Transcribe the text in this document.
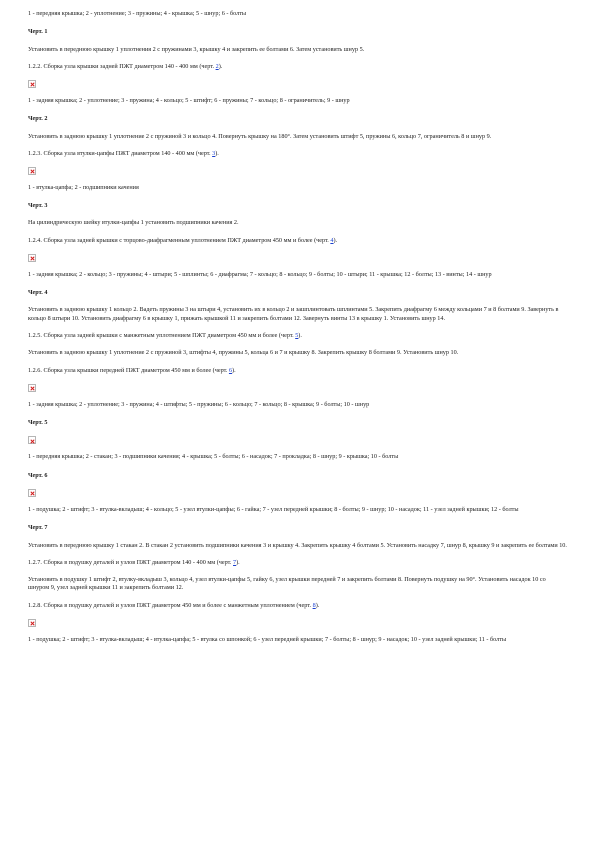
1 - передняя крышка; 2 - уплотнение; 3 - пружины; 4 - крышка; 5 - шнур; 6 - болты
Черт. 1
Установить в переднюю крышку 1 уплотнения 2 с пружинами 3, крышку 4 и закрепить ее болтами 6. Затем установить шнур 5.
1.2.2. Сборка узла крышки задней ПЖТ диаметром 140 - 400 мм (черт. 2).
1 - задняя крышка; 2 - уплотнение; 3 - пружина; 4 - кольцо; 5 - штифт; 6 - пружины; 7 - кольцо; 8 - ограничитель; 9 - шнур
Черт. 2
Установить в заднюю крышку 1 уплотнение 2 с пружиной 3 и кольцо 4. Повернуть крышку на 180°. Затем установить штифт 5, пружины 6, кольцо 7, ограничитель 8 и шнур 9.
1.2.3. Сборка узла втулки-цапфы ПЖТ диаметром 140 - 400 мм (черт. 3).
1 - втулка-цапфа; 2 - подшипники качения
Черт. 3
На цилиндрическую шейку втулки-цапфы 1 установить подшипники качения 2.
1.2.4. Сборка узла задней крышки с торцово-диафрагменным уплотнением ПЖТ диаметром 450 мм и более (черт. 4).
1 - задняя крышка; 2 - кольцо; 3 - пружины; 4 - штыри; 5 - шплинты; 6 - диафрагма; 7 - кольцо; 8 - кольцо; 9 - болты; 10 - штыри; 11 - крышка; 12 - болты; 13 - винты; 14 - шнур
Черт. 4
Установить в заднюю крышку 1 кольцо 2. Вадеть пружины 3 на штыри 4, установить их в кольцо 2 и зашплинтовать шплинтами 5. Закрепить диафрагму 6 между кольцами 7 и 8 болтами 9. Завернуть в кольцо 8 штыри 10. Установить диафрагму 6 в крышку 1, прижать крышкой 11 и закрепить болтами 12. Завернуть винты 13 в крышку 1. Установить шнур 14.
1.2.5. Сборка узла задней крышки с манжетным уплотнением ПЖТ диаметром 450 мм и более (черт. 5).
Установить в заднюю крышку 1 уплотнение 2 с пружиной 3, штифты 4, пружины 5, кольца 6 и 7 и крышку 8. Закрепить крышку 8 болтами 9. Установить шнур 10.
1.2.6. Сборка узла крышки передней ПЖТ диаметром 450 мм и более (черт. 6).
1 - задняя крышка; 2 - уплотнение; 3 - пружина; 4 - штифты; 5 - пружины; 6 - кольцо; 7 - кольцо; 8 - крышка; 9 - болты; 10 - шнур
Черт. 5
1 - передняя крышка; 2 - стакан; 3 - подшипники качения; 4 - крышка; 5 - болты; 6 - насадок; 7 - прокладка; 8 - шнур; 9 - крышка; 10 - болты
Черт. 6
1 - подушка; 2 - штифт; 3 - втулка-вкладыш; 4 - кольцо; 5 - узел втулки-цапфы; 6 - гайка; 7 - узел передней крышки; 8 - болты; 9 - шнур; 10 - насадок; 11 - узел задней крышки; 12 - болты
Черт. 7
Установить в переднюю крышку 1 стакан 2. В стакан 2 установить подшипники качения 3 и крышку 4. Закрепить крышку 4 болтами 5. Установить насадку 7, шнур 8, крышку 9 и закрепить ее болтами 10.
1.2.7. Сборка в подушку деталей и узлов ПЖТ диаметром 140 - 400 мм (черт. 7).
Установить в подушку 1 штифт 2, втулку-вкладыш 3, кольцо 4, узел втулки-цапфы 5, гайку 6, узел крышки передней 7 и закрепить болтами 8. Повернуть подушку на 90°. Установить насадок 10 со шнуром 9, узел задней крышки 11 и закрепить болтами 12.
1.2.8. Сборка в подушку деталей и узлов ПЖТ диаметром 450 мм и более с манжетным уплотнением (черт. 8).
1 - подушка; 2 - штифт; 3 - втулка-вкладыш; 4 - втулка-цапфа; 5 - втулка со шпонкой; 6 - узел передней крышки; 7 - болты; 8 - шнур; 9 - насадок; 10 - узел задней крышки; 11 - болты
